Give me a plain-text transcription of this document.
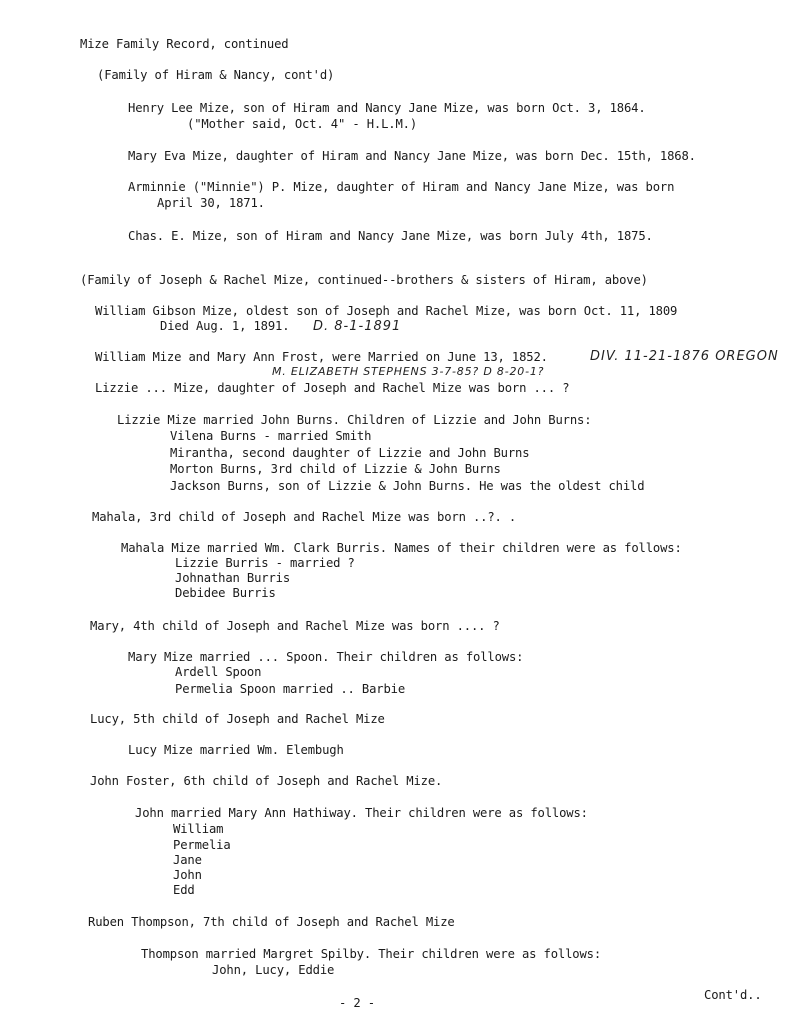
Mize Family Record, continued
(Family of Hiram & Nancy, cont'd)
Henry Lee Mize, son of Hiram and Nancy Jane Mize, was born Oct. 3, 1864.
("Mother said, Oct. 4" - H.L.M.)
Mary Eva Mize, daughter of Hiram and Nancy Jane Mize, was born Dec. 15th, 1868.
Arminnie ("Minnie") P. Mize, daughter of Hiram and Nancy Jane Mize, was born
April 30, 1871.
Chas. E. Mize, son of Hiram and Nancy Jane Mize, was born July 4th, 1875.
(Family of Joseph & Rachel Mize, continued--brothers & sisters of Hiram, above)
William Gibson Mize, oldest son of Joseph and Rachel Mize, was born Oct. 11, 1809
Died Aug. 1, 1891. D. 8-1-1891
William Mize and Mary Ann Frost, were Married on June 13, 1852.	DIV. 11-21-1876 OREGON
M. ELIZABETH STEPHENS 3-7-85? D 8-20-1?
Lizzie ... Mize, daughter of Joseph and Rachel Mize was born ... ?
Lizzie Mize married John Burns. Children of Lizzie and John Burns:
Vilena Burns - married Smith
Mirantha, second daughter of Lizzie and John Burns
Morton Burns, 3rd child of Lizzie & John Burns
Jackson Burns, son of Lizzie & John Burns. He was the oldest child
Mahala, 3rd child of Joseph and Rachel Mize was born ..?. .
Mahala Mize married Wm. Clark Burris. Names of their children were as follows:
Lizzie Burris - married ?
Johnathan Burris
Debidee Burris
Mary, 4th child of Joseph and Rachel Mize was born .... ?
Mary Mize married ... Spoon. Their children as follows:
Ardell Spoon
Permelia Spoon married .. Barbie
Lucy, 5th child of Joseph and Rachel Mize
Lucy Mize married Wm. Elembugh
John Foster, 6th child of Joseph and Rachel Mize.
John married Mary Ann Hathiway. Their children were as follows:
William
Permelia
Jane
John
Edd
Ruben Thompson, 7th child of Joseph and Rachel Mize
Thompson married Margret Spilby. Their children were as follows:
John, Lucy, Eddie
Cont'd..
- 2 -
